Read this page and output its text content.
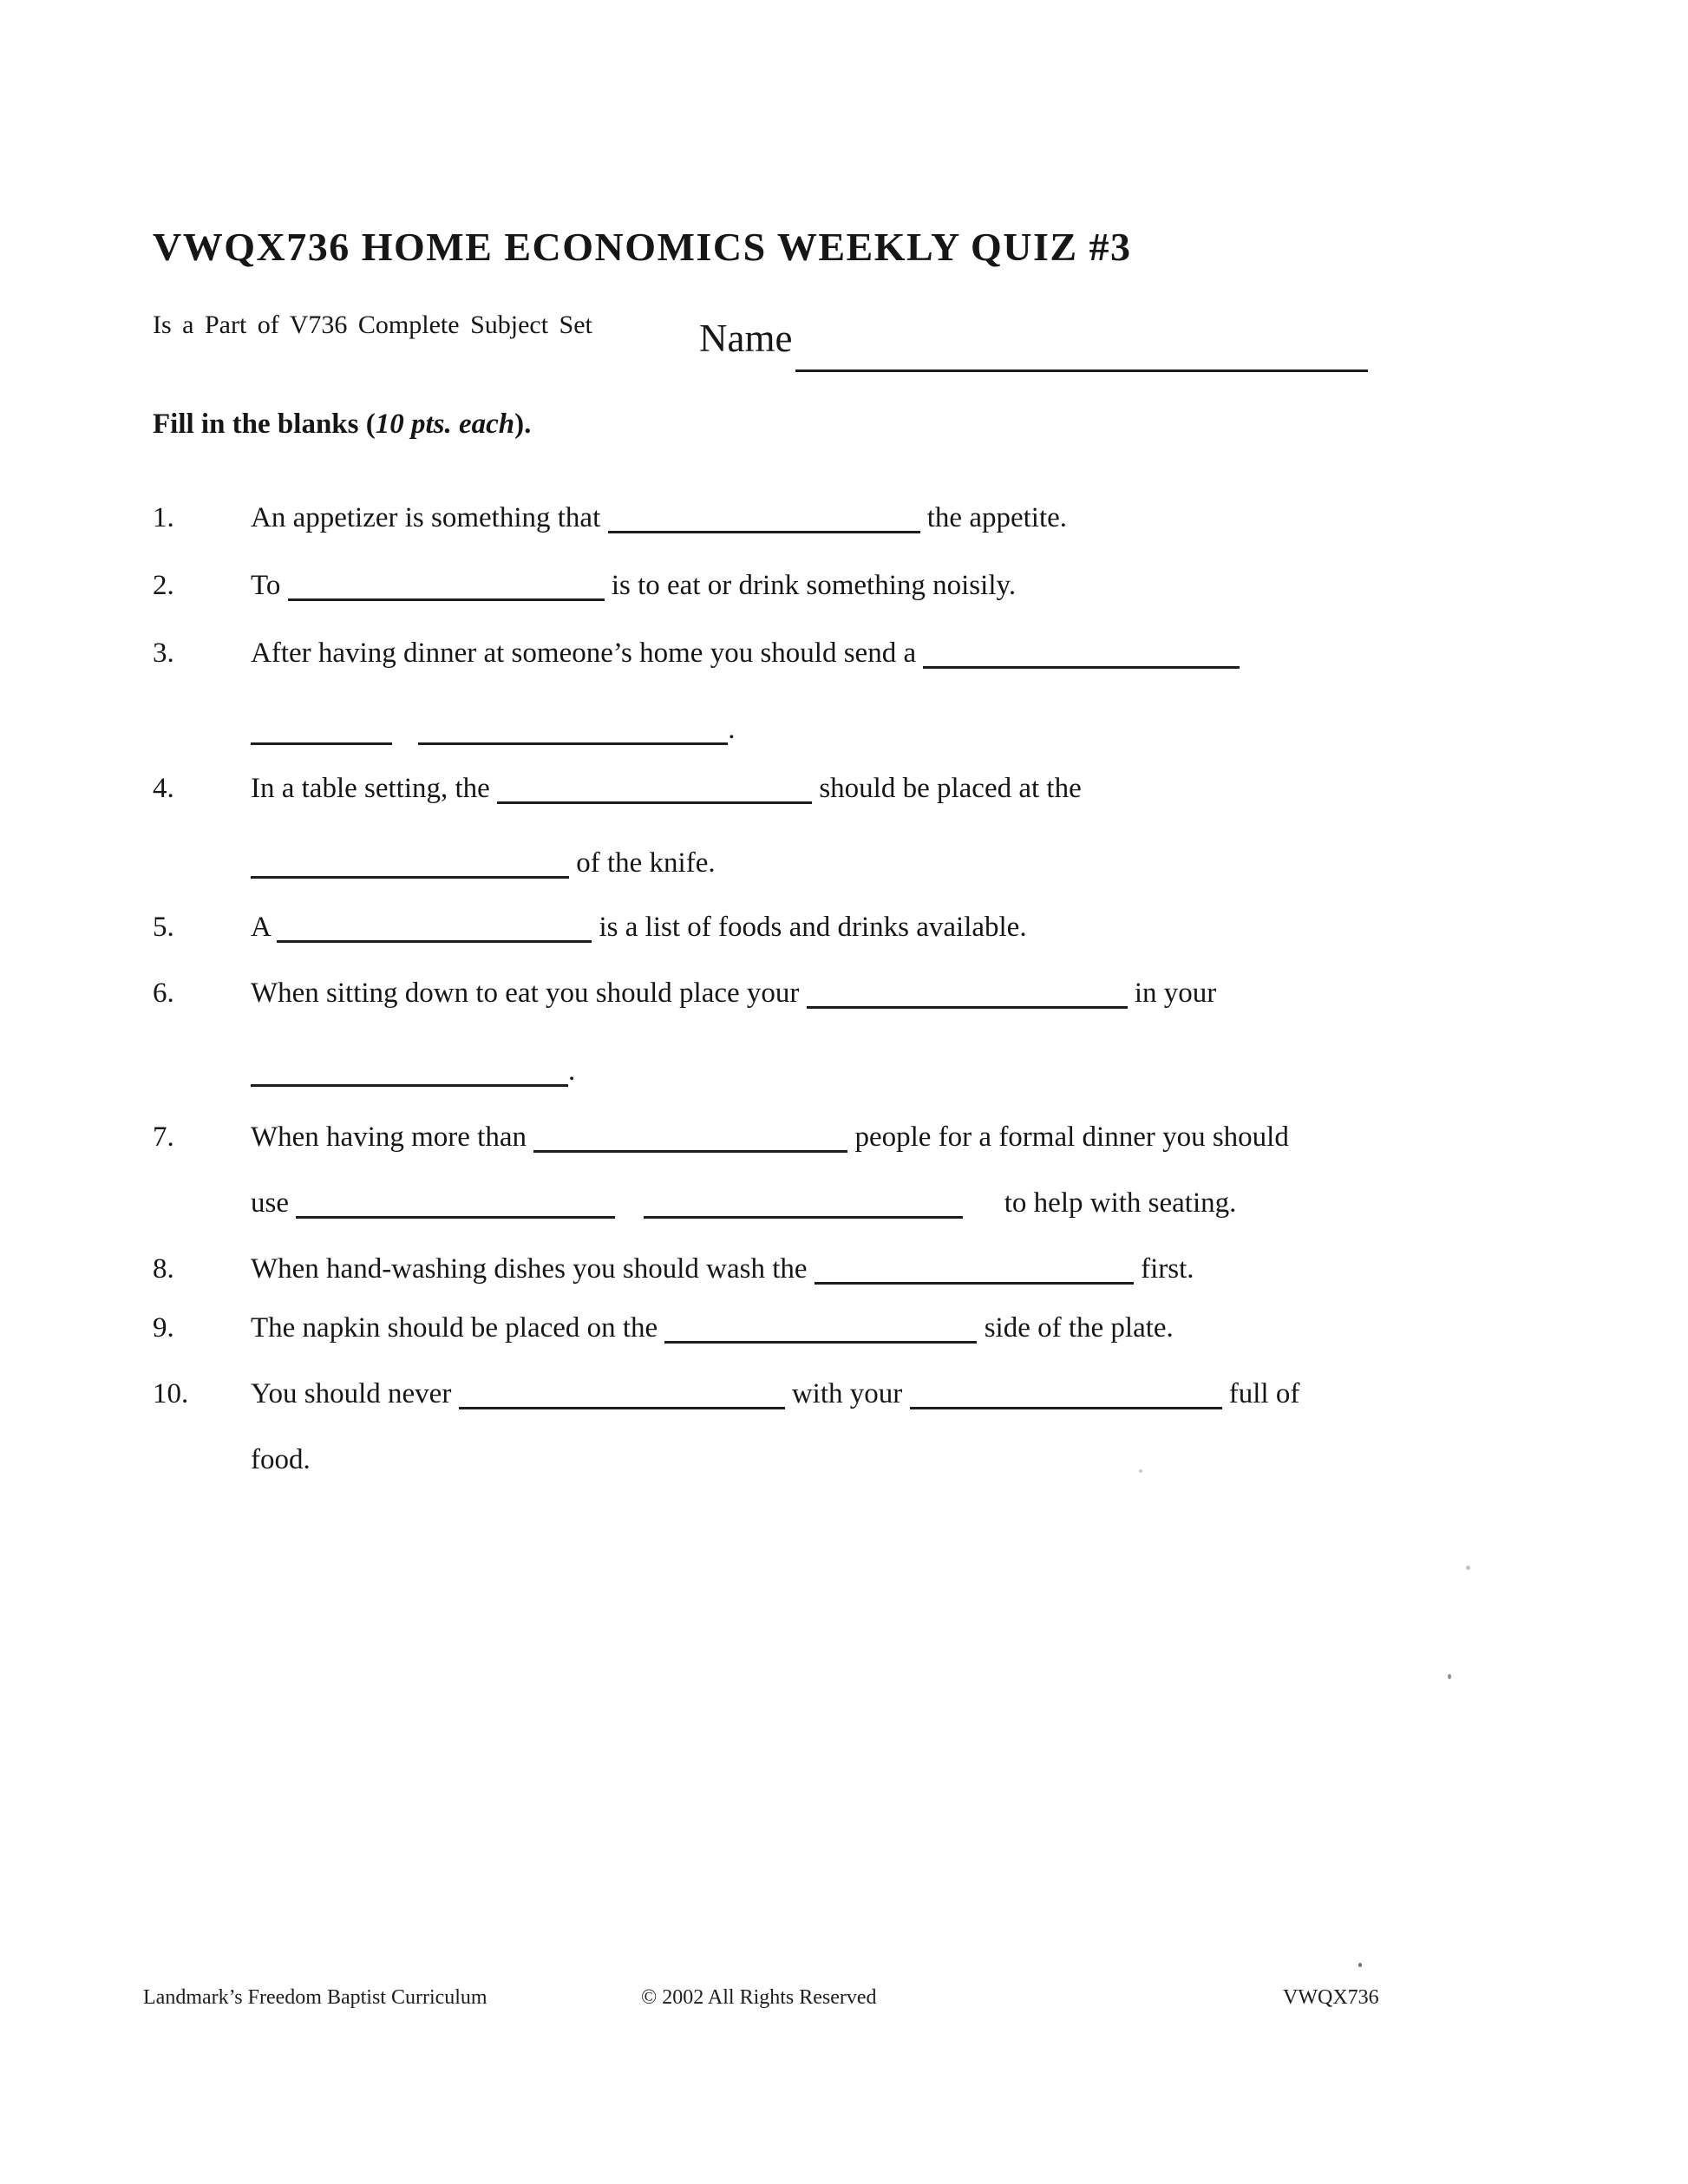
VWQX736 HOME ECONOMICS WEEKLY QUIZ #3
Is a Part of V736 Complete Subject Set	Name
Fill in the blanks (10 pts. each).
1.	An appetizer is something that	the appetite.
2.	To	is to eat or drink something noisily.
3.	After having dinner at someone’s home you should send a
.
4.	In a table setting, the	should be placed at the
of the knife.
5.	A	is a list of foods and drinks available.
6.	When sitting down to eat you should place your	in your
.
7.	When having more than	people for a formal dinner you should
use	to help with seating.
8.	When hand-washing dishes you should wash the	first.
9.	The napkin should be placed on the	side of the plate.
10. You should never	with your	full of
food.
Landmark’s Freedom Baptist Curriculum	© 2002 All Rights Reserved	VWQX736
